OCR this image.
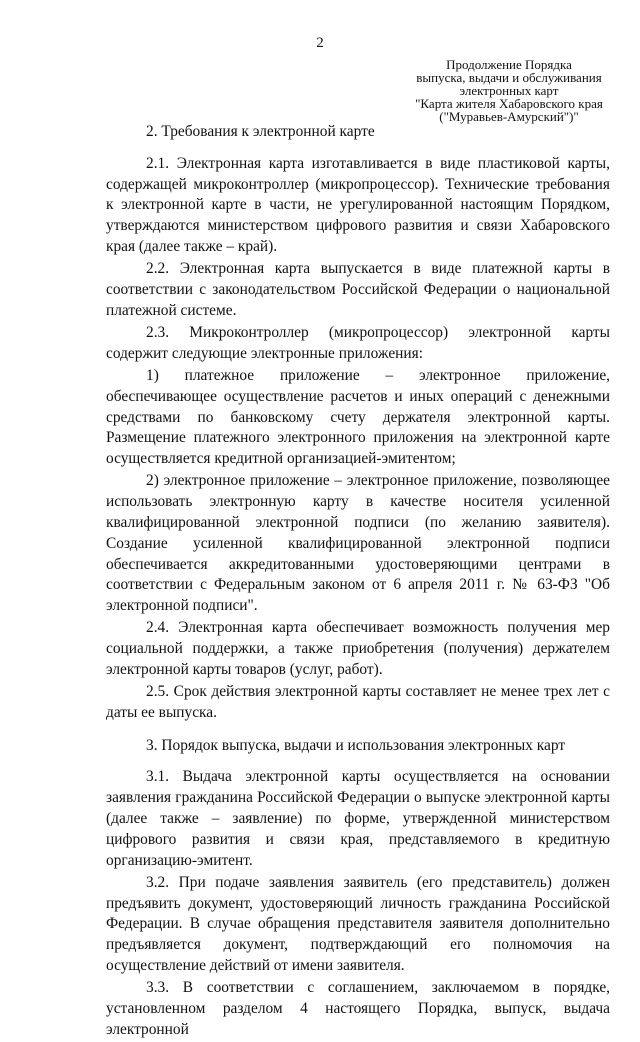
2
Продолжение Порядка
выпуска, выдачи и обслуживания
электронных карт
"Карта жителя Хабаровского края
("Муравьев-Амурский")"
2. Требования к электронной карте

2.1. Электронная карта изготавливается в виде пластиковой карты, содержащей микроконтроллер (микропроцессор). Технические требования к электронной карте в части, не урегулированной настоящим Порядком, утверждаются министерством цифрового развития и связи Хабаровского края (далее также – край).

2.2. Электронная карта выпускается в виде платежной карты в соответствии с законодательством Российской Федерации о национальной платежной системе.

2.3. Микроконтроллер (микропроцессор) электронной карты содержит следующие электронные приложения:

1) платежное приложение – электронное приложение, обеспечивающее осуществление расчетов и иных операций с денежными средствами по банковскому счету держателя электронной карты. Размещение платежного электронного приложения на электронной карте осуществляется кредитной организацией-эмитентом;

2) электронное приложение – электронное приложение, позволяющее использовать электронную карту в качестве носителя усиленной квалифицированной электронной подписи (по желанию заявителя). Создание усиленной квалифицированной электронной подписи обеспечивается аккредитованными удостоверяющими центрами в соответствии с Федеральным законом от 6 апреля 2011 г. № 63-ФЗ "Об электронной подписи".

2.4. Электронная карта обеспечивает возможность получения мер социальной поддержки, а также приобретения (получения) держателем электронной карты товаров (услуг, работ).

2.5. Срок действия электронной карты составляет не менее трех лет с даты ее выпуска.

3. Порядок выпуска, выдачи и использования электронных карт

3.1. Выдача электронной карты осуществляется на основании заявления гражданина Российской Федерации о выпуске электронной карты (далее также – заявление) по форме, утвержденной министерством цифрового развития и связи края, представляемого в кредитную организацию-эмитент.

3.2. При подаче заявления заявитель (его представитель) должен предъявить документ, удостоверяющий личность гражданина Российской Федерации. В случае обращения представителя заявителя дополнительно предъявляется документ, подтверждающий его полномочия на осуществление действий от имени заявителя.

3.3. В соответствии с соглашением, заключаемом в порядке, установленном разделом 4 настоящего Порядка, выпуск, выдача электронной
